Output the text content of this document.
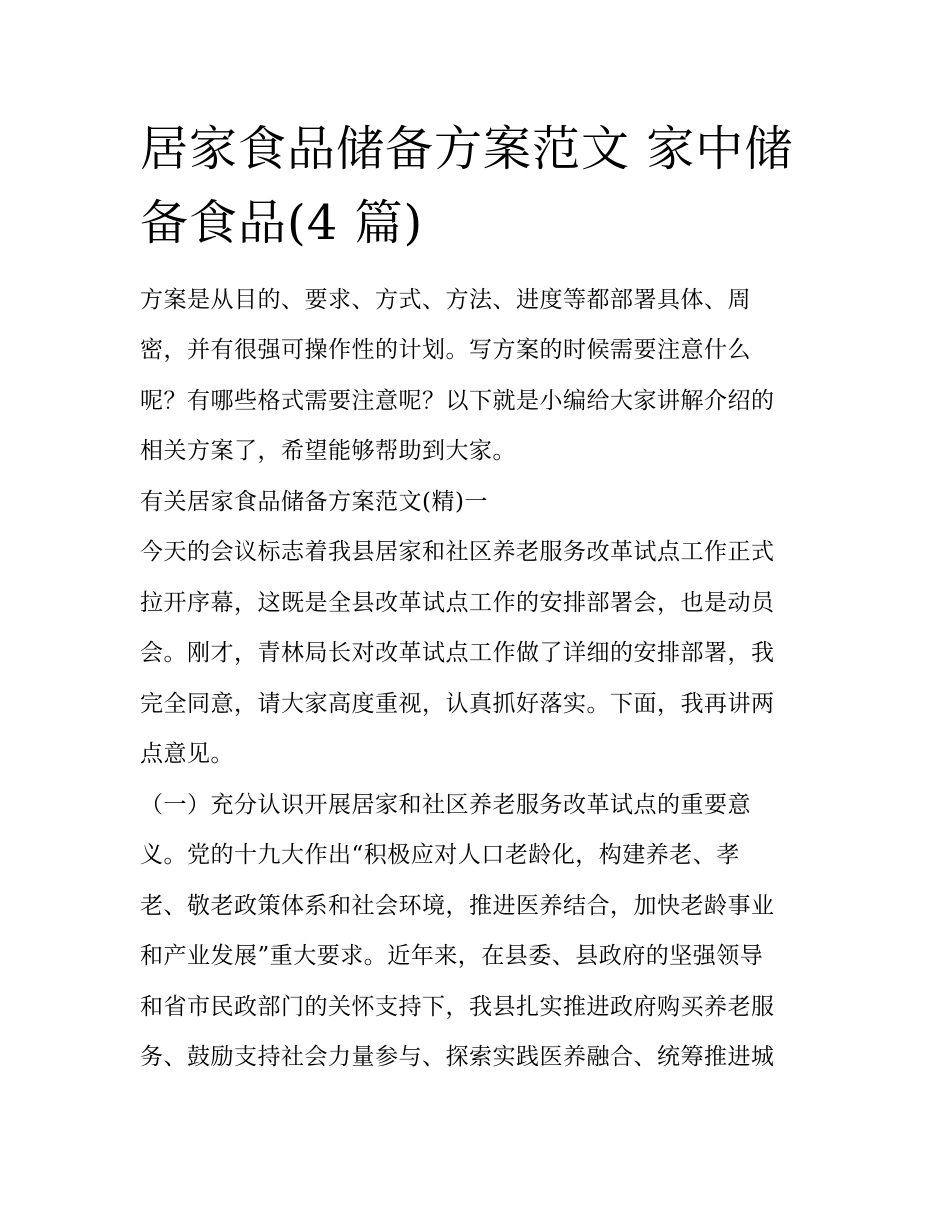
居家食品储备方案范文 家中储
备食品(4 篇)

方案是从目的、要求、方式、方法、进度等都部署具体、周

密，并有很强可操作性的计划。写方案的时候需要注意什么

呢？有哪些格式需要注意呢？以下就是小编给大家讲解介绍的

相关方案了，希望能够帮助到大家。

有关居家食品储备方案范文(精)一

今天的会议标志着我县居家和社区养老服务改革试点工作正式

拉开序幕，这既是全县改革试点工作的安排部署会，也是动员

会。刚才，青林局长对改革试点工作做了详细的安排部署，我

完全同意，请大家高度重视，认真抓好落实。下面，我再讲两

点意见。

（一）充分认识开展居家和社区养老服务改革试点的重要意

义。党的十九大作出“积极应对人口老龄化，构建养老、孝

老、敬老政策体系和社会环境，推进医养结合，加快老龄事业

和产业发展”重大要求。近年来，在县委、县政府的坚强领导

和省市民政部门的关怀支持下，我县扎实推进政府购买养老服

务、鼓励支持社会力量参与、探索实践医养融合、统筹推进城
